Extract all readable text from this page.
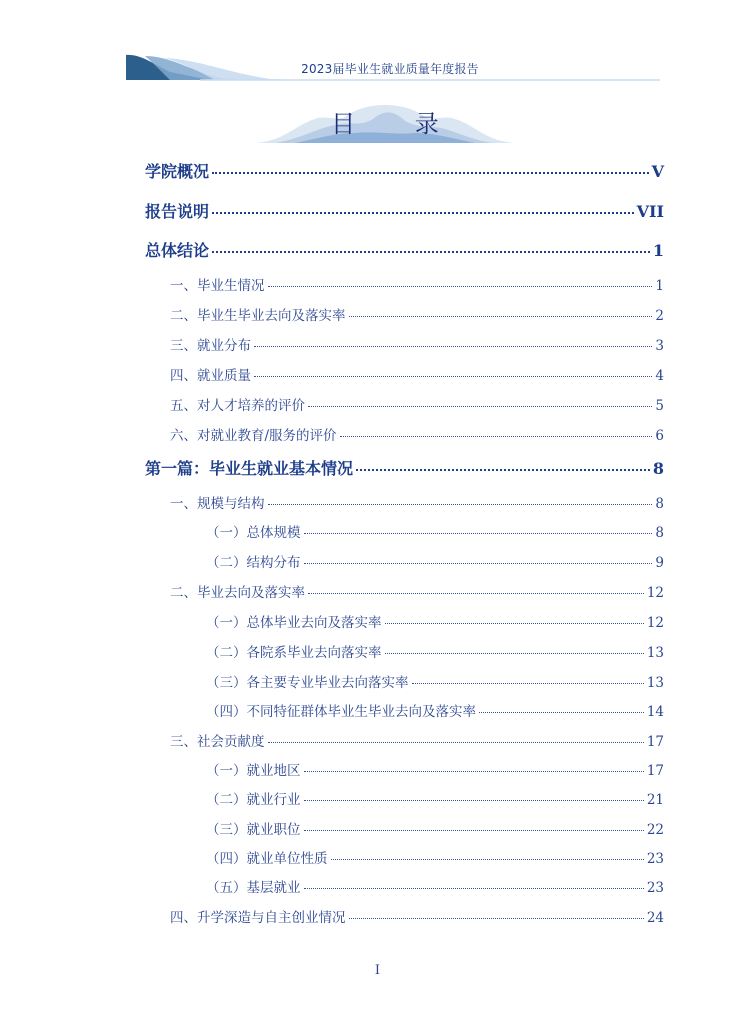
2023届毕业生就业质量年度报告
目 录
学院概况	V
报告说明	VII
总体结论	1
一、毕业生情况	1
二、毕业生毕业去向及落实率	2
三、就业分布	3
四、就业质量	4
五、对人才培养的评价	5
六、对就业教育/服务的评价	6
第一篇：毕业生就业基本情况	8
一、规模与结构	8
（一）总体规模	8
（二）结构分布	9
二、毕业去向及落实率	12
（一）总体毕业去向及落实率	12
（二）各院系毕业去向落实率	13
（三）各主要专业毕业去向落实率	13
（四）不同特征群体毕业生毕业去向及落实率	14
三、社会贡献度	17
（一）就业地区	17
（二）就业行业	21
（三）就业职位	22
（四）就业单位性质	23
（五）基层就业	23
四、升学深造与自主创业情况	24
I
